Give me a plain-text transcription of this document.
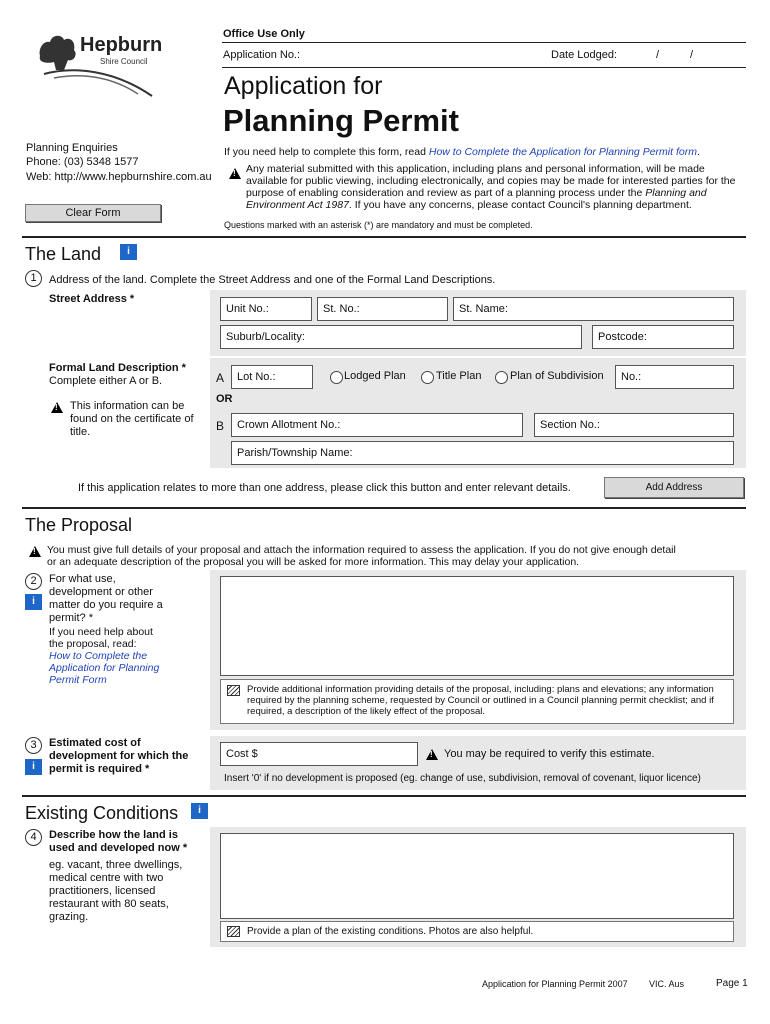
Hepburn
Shire Council
Planning Enquiries
Phone: (03) 5348 1577
Web: http://www.hepburnshire.com.au
Clear Form
Office Use Only
Application No.:	Date Lodged:	/	/
Application for
Planning Permit
If you need help to complete this form, read How to Complete the Application for Planning Permit form.
!
Any material submitted with this application, including plans and personal information, will be made available for public viewing, including electronically, and copies may be made for interested parties for the purpose of enabling consideration and review as part of a planning process under the Planning and Environment Act 1987. If you have any concerns, please contact Council's planning department.
Questions marked with an asterisk (*) are mandatory and must be completed.
The Land	i
1	Address of the land. Complete the Street Address and one of the Formal Land Descriptions.
Street Address *
Unit No.:	St. No.:	St. Name:
Suburb/Locality:	Postcode:
Formal Land Description *
Complete either A or B.
!
This information can be found on the certificate of title.
A	Lot No.:	Lodged Plan	Title Plan	Plan of Subdivision	No.:
OR
B	Crown Allotment No.:	Section No.:
Parish/Township Name:
If this application relates to more than one address, please click this button and enter relevant details.	Add Address
The Proposal
!
You must give full details of your proposal and attach the information required to assess the application. If you do not give enough detail or an adequate description of the proposal you will be asked for more information. This may delay your application.
2
i
For what use, development or other matter do you require a permit? *
If you need help about the proposal, read:
How to Complete the Application for Planning Permit Form
Provide additional information providing details of the proposal, including: plans and elevations; any information required by the planning scheme, requested by Council or outlined in a Council planning permit checklist; and if required, a description of the likely effect of the proposal.
3
i
Estimated cost of development for which the permit is required *
Cost $ !	You may be required to verify this estimate.
Insert '0' if no development is proposed (eg. change of use, subdivision, removal of covenant, liquor licence)
Existing Conditions	i
4	Describe how the land is used and developed now *
eg. vacant, three dwellings, medical centre with two practitioners, licensed restaurant with 80 seats, grazing.
Provide a plan of the existing conditions. Photos are also helpful.
Application for Planning Permit 2007 VIC. Aus	Page 1
